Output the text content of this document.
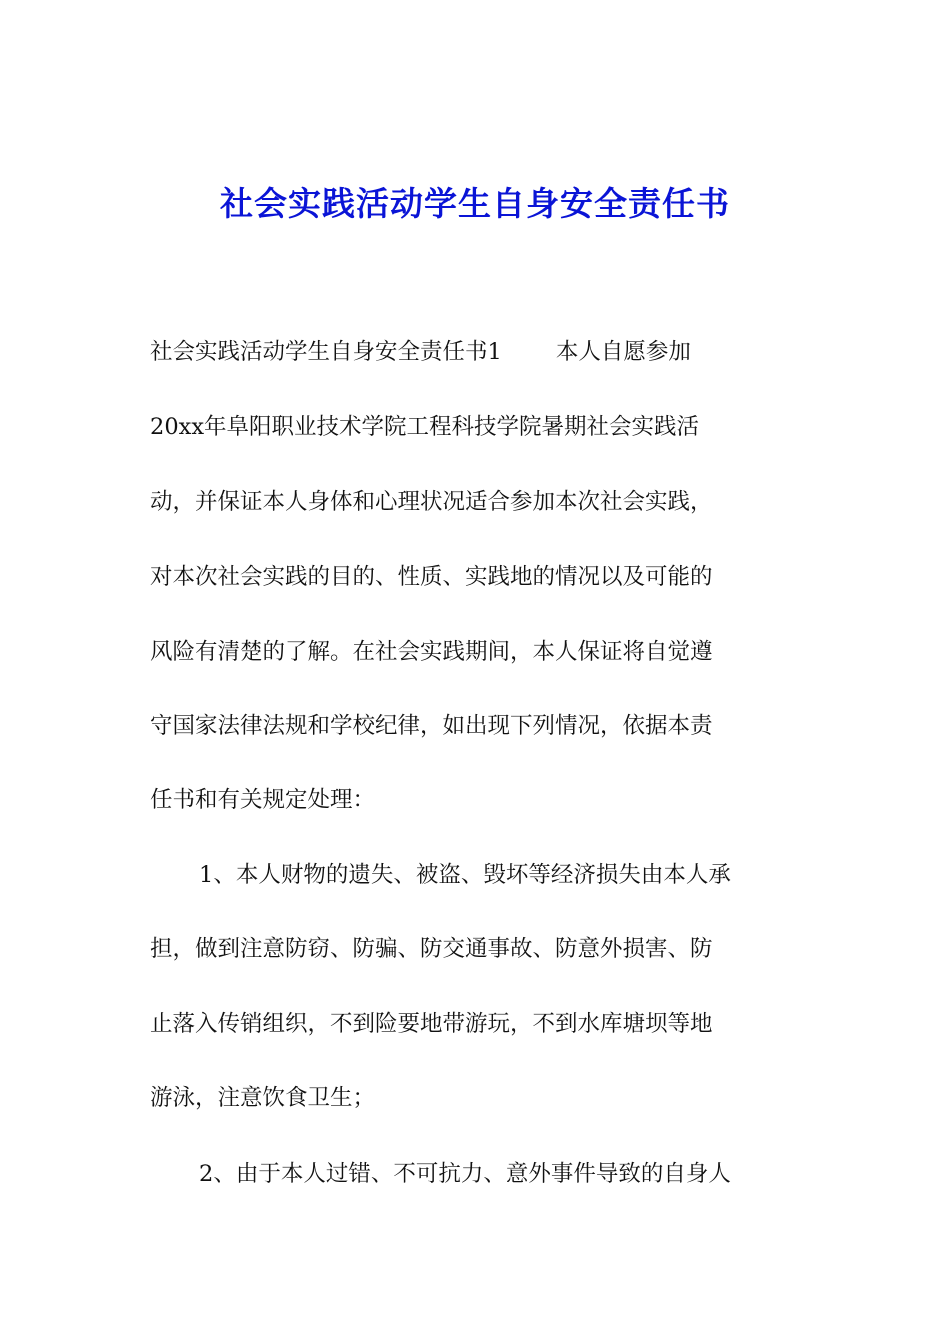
社会实践活动学生自身安全责任书

社会实践活动学生自身安全责任书1 本人自愿参加

20xx年阜阳职业技术学院工程科技学院暑期社会实践活

动，并保证本人身体和心理状况适合参加本次社会实践，

对本次社会实践的目的、性质、实践地的情况以及可能的

风险有清楚的了解。在社会实践期间，本人保证将自觉遵

守国家法律法规和学校纪律，如出现下列情况，依据本责

任书和有关规定处理：

1、本人财物的遗失、被盗、毁坏等经济损失由本人承

担，做到注意防窃、防骗、防交通事故、防意外损害、防

止落入传销组织，不到险要地带游玩，不到水库塘坝等地

游泳，注意饮食卫生；

2、由于本人过错、不可抗力、意外事件导致的自身人
